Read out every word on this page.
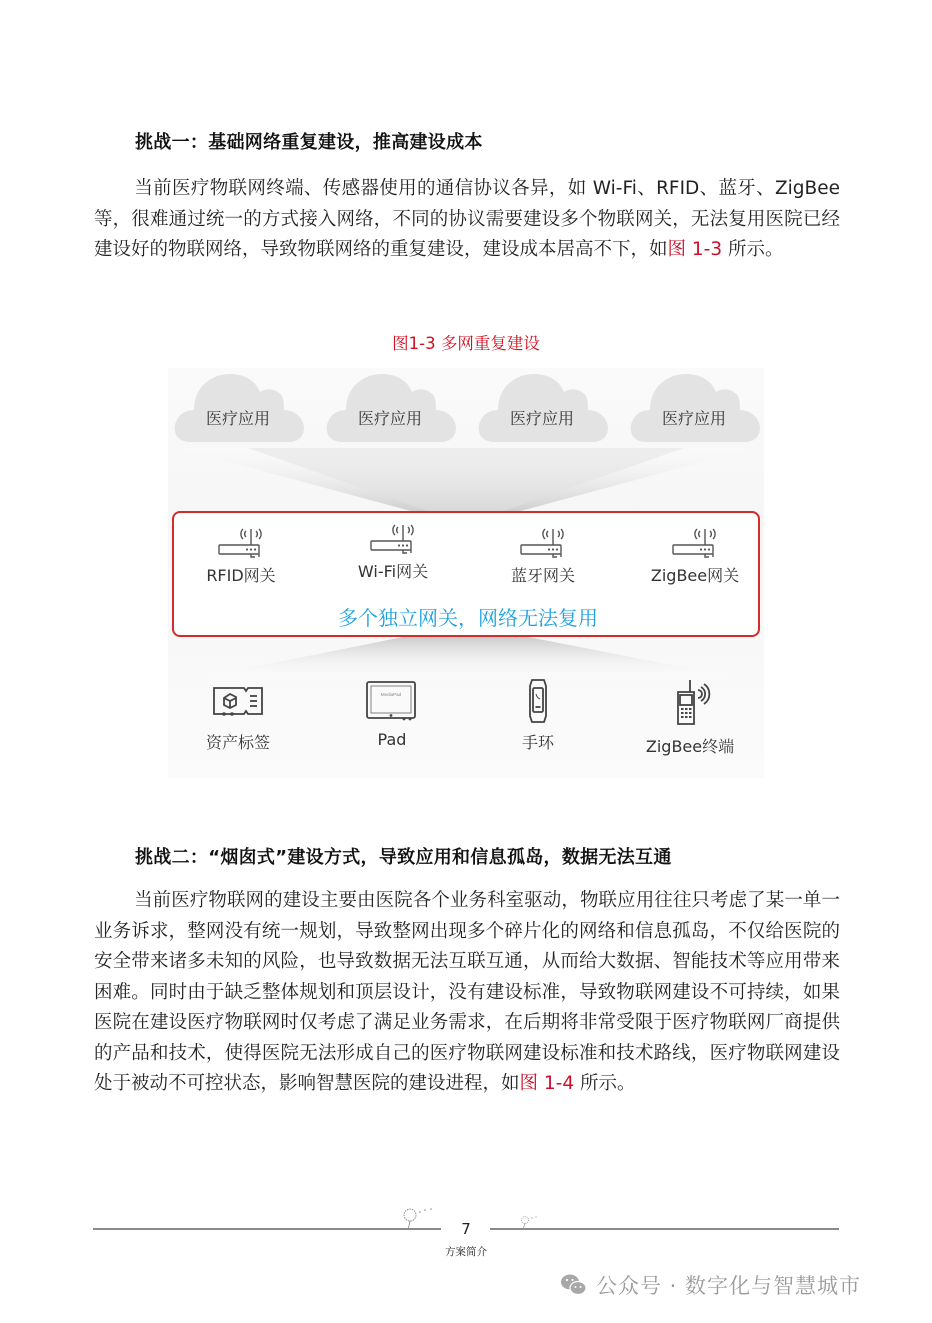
挑战一：基础网络重复建设，推高建设成本
当前医疗物联网终端、传感器使用的通信协议各异，如 Wi-Fi、RFID、蓝牙、ZigBee 等，很难通过统一的方式接入网络，不同的协议需要建设多个物联网关，无法复用医院已经建设好的物联网络，导致物联网络的重复建设，建设成本居高不下，如图 1-3 所示。
图1-3 多网重复建设
医疗应用	医疗应用	医疗应用	医疗应用
RFID网关	Wi-Fi网关	蓝牙网关	ZigBee网关
多个独立网关，网络无法复用
资产标签
MediaPad
Pad	手环	ZigBee终端
挑战二：“烟囱式”建设方式，导致应用和信息孤岛，数据无法互通
当前医疗物联网的建设主要由医院各个业务科室驱动，物联应用往往只考虑了某一单一业务诉求，整网没有统一规划，导致整网出现多个碎片化的网络和信息孤岛，不仅给医院的安全带来诸多未知的风险，也导致数据无法互联互通，从而给大数据、智能技术等应用带来困难。同时由于缺乏整体规划和顶层设计，没有建设标准，导致物联网建设不可持续，如果医院在建设医疗物联网时仅考虑了满足业务需求，在后期将非常受限于医疗物联网厂商提供的产品和技术，使得医院无法形成自己的医疗物联网建设标准和技术路线，医疗物联网建设处于被动不可控状态，影响智慧医院的建设进程，如图 1-4 所示。
7
方案简介
公众号 · 数字化与智慧城市
